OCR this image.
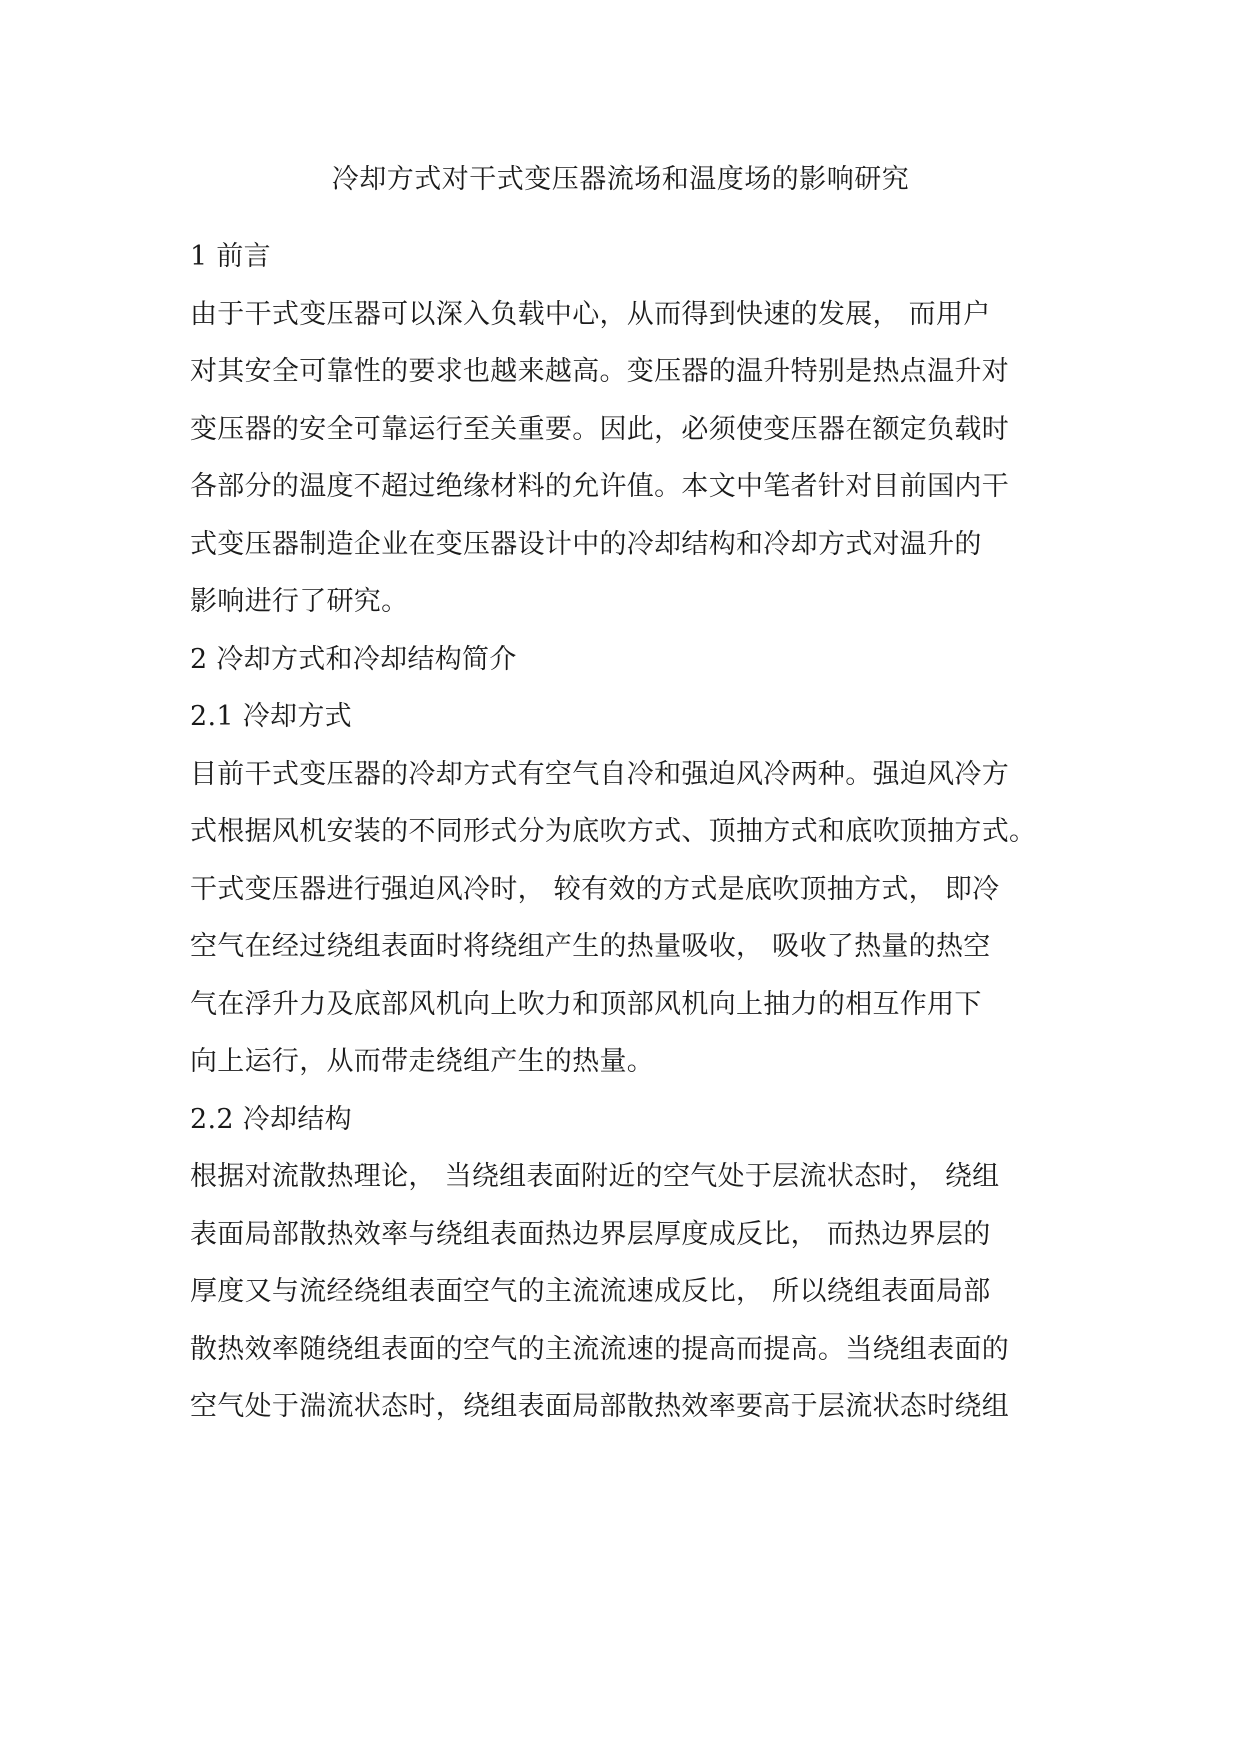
冷却方式对干式变压器流场和温度场的影响研究
1 前言
由于干式变压器可以深入负载中心，从而得到快速的发展， 而用户
对其安全可靠性的要求也越来越高。变压器的温升特别是热点温升对
变压器的安全可靠运行至关重要。因此，必须使变压器在额定负载时
各部分的温度不超过绝缘材料的允许值。本文中笔者针对目前国内干
式变压器制造企业在变压器设计中的冷却结构和冷却方式对温升的
影响进行了研究。
2 冷却方式和冷却结构简介
2.1 冷却方式
目前干式变压器的冷却方式有空气自冷和强迫风冷两种。强迫风冷方
式根据风机安装的不同形式分为底吹方式、顶抽方式和底吹顶抽方式。
干式变压器进行强迫风冷时， 较有效的方式是底吹顶抽方式， 即冷
空气在经过绕组表面时将绕组产生的热量吸收， 吸收了热量的热空
气在浮升力及底部风机向上吹力和顶部风机向上抽力的相互作用下
向上运行，从而带走绕组产生的热量。
2.2 冷却结构
根据对流散热理论， 当绕组表面附近的空气处于层流状态时， 绕组
表面局部散热效率与绕组表面热边界层厚度成反比， 而热边界层的
厚度又与流经绕组表面空气的主流流速成反比， 所以绕组表面局部
散热效率随绕组表面的空气的主流流速的提高而提高。当绕组表面的
空气处于湍流状态时，绕组表面局部散热效率要高于层流状态时绕组
